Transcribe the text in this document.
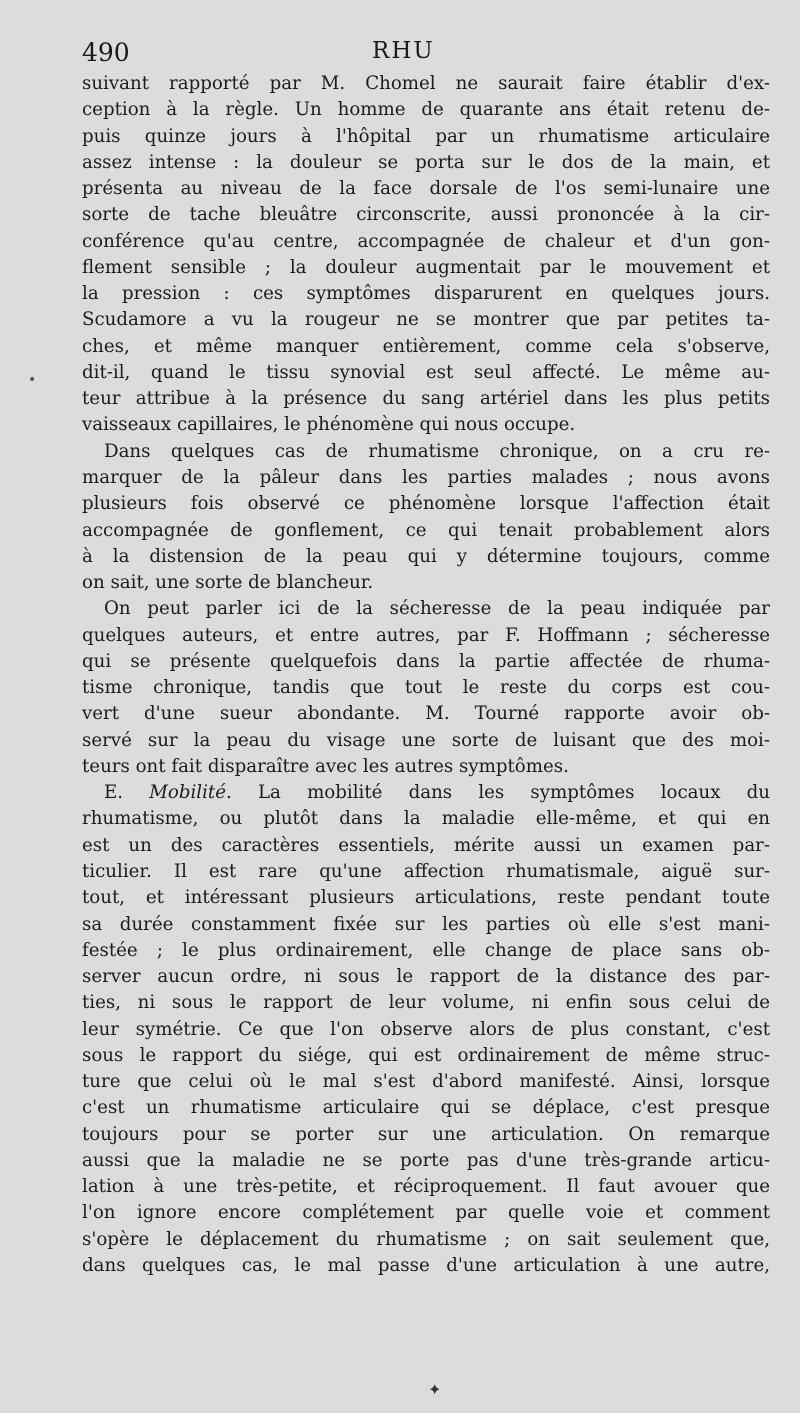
490	RHU
suivant rapporté par M. Chomel ne saurait faire établir d'ex-
ception à la règle. Un homme de quarante ans était retenu de-
puis quinze jours à l'hôpital par un rhumatisme articulaire
assez intense : la douleur se porta sur le dos de la main, et
présenta au niveau de la face dorsale de l'os semi-lunaire une
sorte de tache bleuâtre circonscrite, aussi prononcée à la cir-
conférence qu'au centre, accompagnée de chaleur et d'un gon-
flement sensible ; la douleur augmentait par le mouvement et
la pression : ces symptômes disparurent en quelques jours.
Scudamore a vu la rougeur ne se montrer que par petites ta-
ches, et même manquer entièrement, comme cela s'observe,
dit-il, quand le tissu synovial est seul affecté. Le même au-
teur attribue à la présence du sang artériel dans les plus petits
vaisseaux capillaires, le phénomène qui nous occupe.
Dans quelques cas de rhumatisme chronique, on a cru re-
marquer de la pâleur dans les parties malades ; nous avons
plusieurs fois observé ce phénomène lorsque l'affection était
accompagnée de gonflement, ce qui tenait probablement alors
à la distension de la peau qui y détermine toujours, comme
on sait, une sorte de blancheur.
On peut parler ici de la sécheresse de la peau indiquée par
quelques auteurs, et entre autres, par F. Hoffmann ; sécheresse
qui se présente quelquefois dans la partie affectée de rhuma-
tisme chronique, tandis que tout le reste du corps est cou-
vert d'une sueur abondante. M. Tourné rapporte avoir ob-
servé sur la peau du visage une sorte de luisant que des moi-
teurs ont fait disparaître avec les autres symptômes.
E. Mobilité. La mobilité dans les symptômes locaux du
rhumatisme, ou plutôt dans la maladie elle-même, et qui en
est un des caractères essentiels, mérite aussi un examen par-
ticulier. Il est rare qu'une affection rhumatismale, aiguë sur-
tout, et intéressant plusieurs articulations, reste pendant toute
sa durée constamment fixée sur les parties où elle s'est mani-
festée ; le plus ordinairement, elle change de place sans ob-
server aucun ordre, ni sous le rapport de la distance des par-
ties, ni sous le rapport de leur volume, ni enfin sous celui de
leur symétrie. Ce que l'on observe alors de plus constant, c'est
sous le rapport du siége, qui est ordinairement de même struc-
ture que celui où le mal s'est d'abord manifesté. Ainsi, lorsque
c'est un rhumatisme articulaire qui se déplace, c'est presque
toujours pour se porter sur une articulation. On remarque
aussi que la maladie ne se porte pas d'une très-grande articu-
lation à une très-petite, et réciproquement. Il faut avouer que
l'on ignore encore complétement par quelle voie et comment
s'opère le déplacement du rhumatisme ; on sait seulement que,
dans quelques cas, le mal passe d'une articulation à une autre,
•
✦
